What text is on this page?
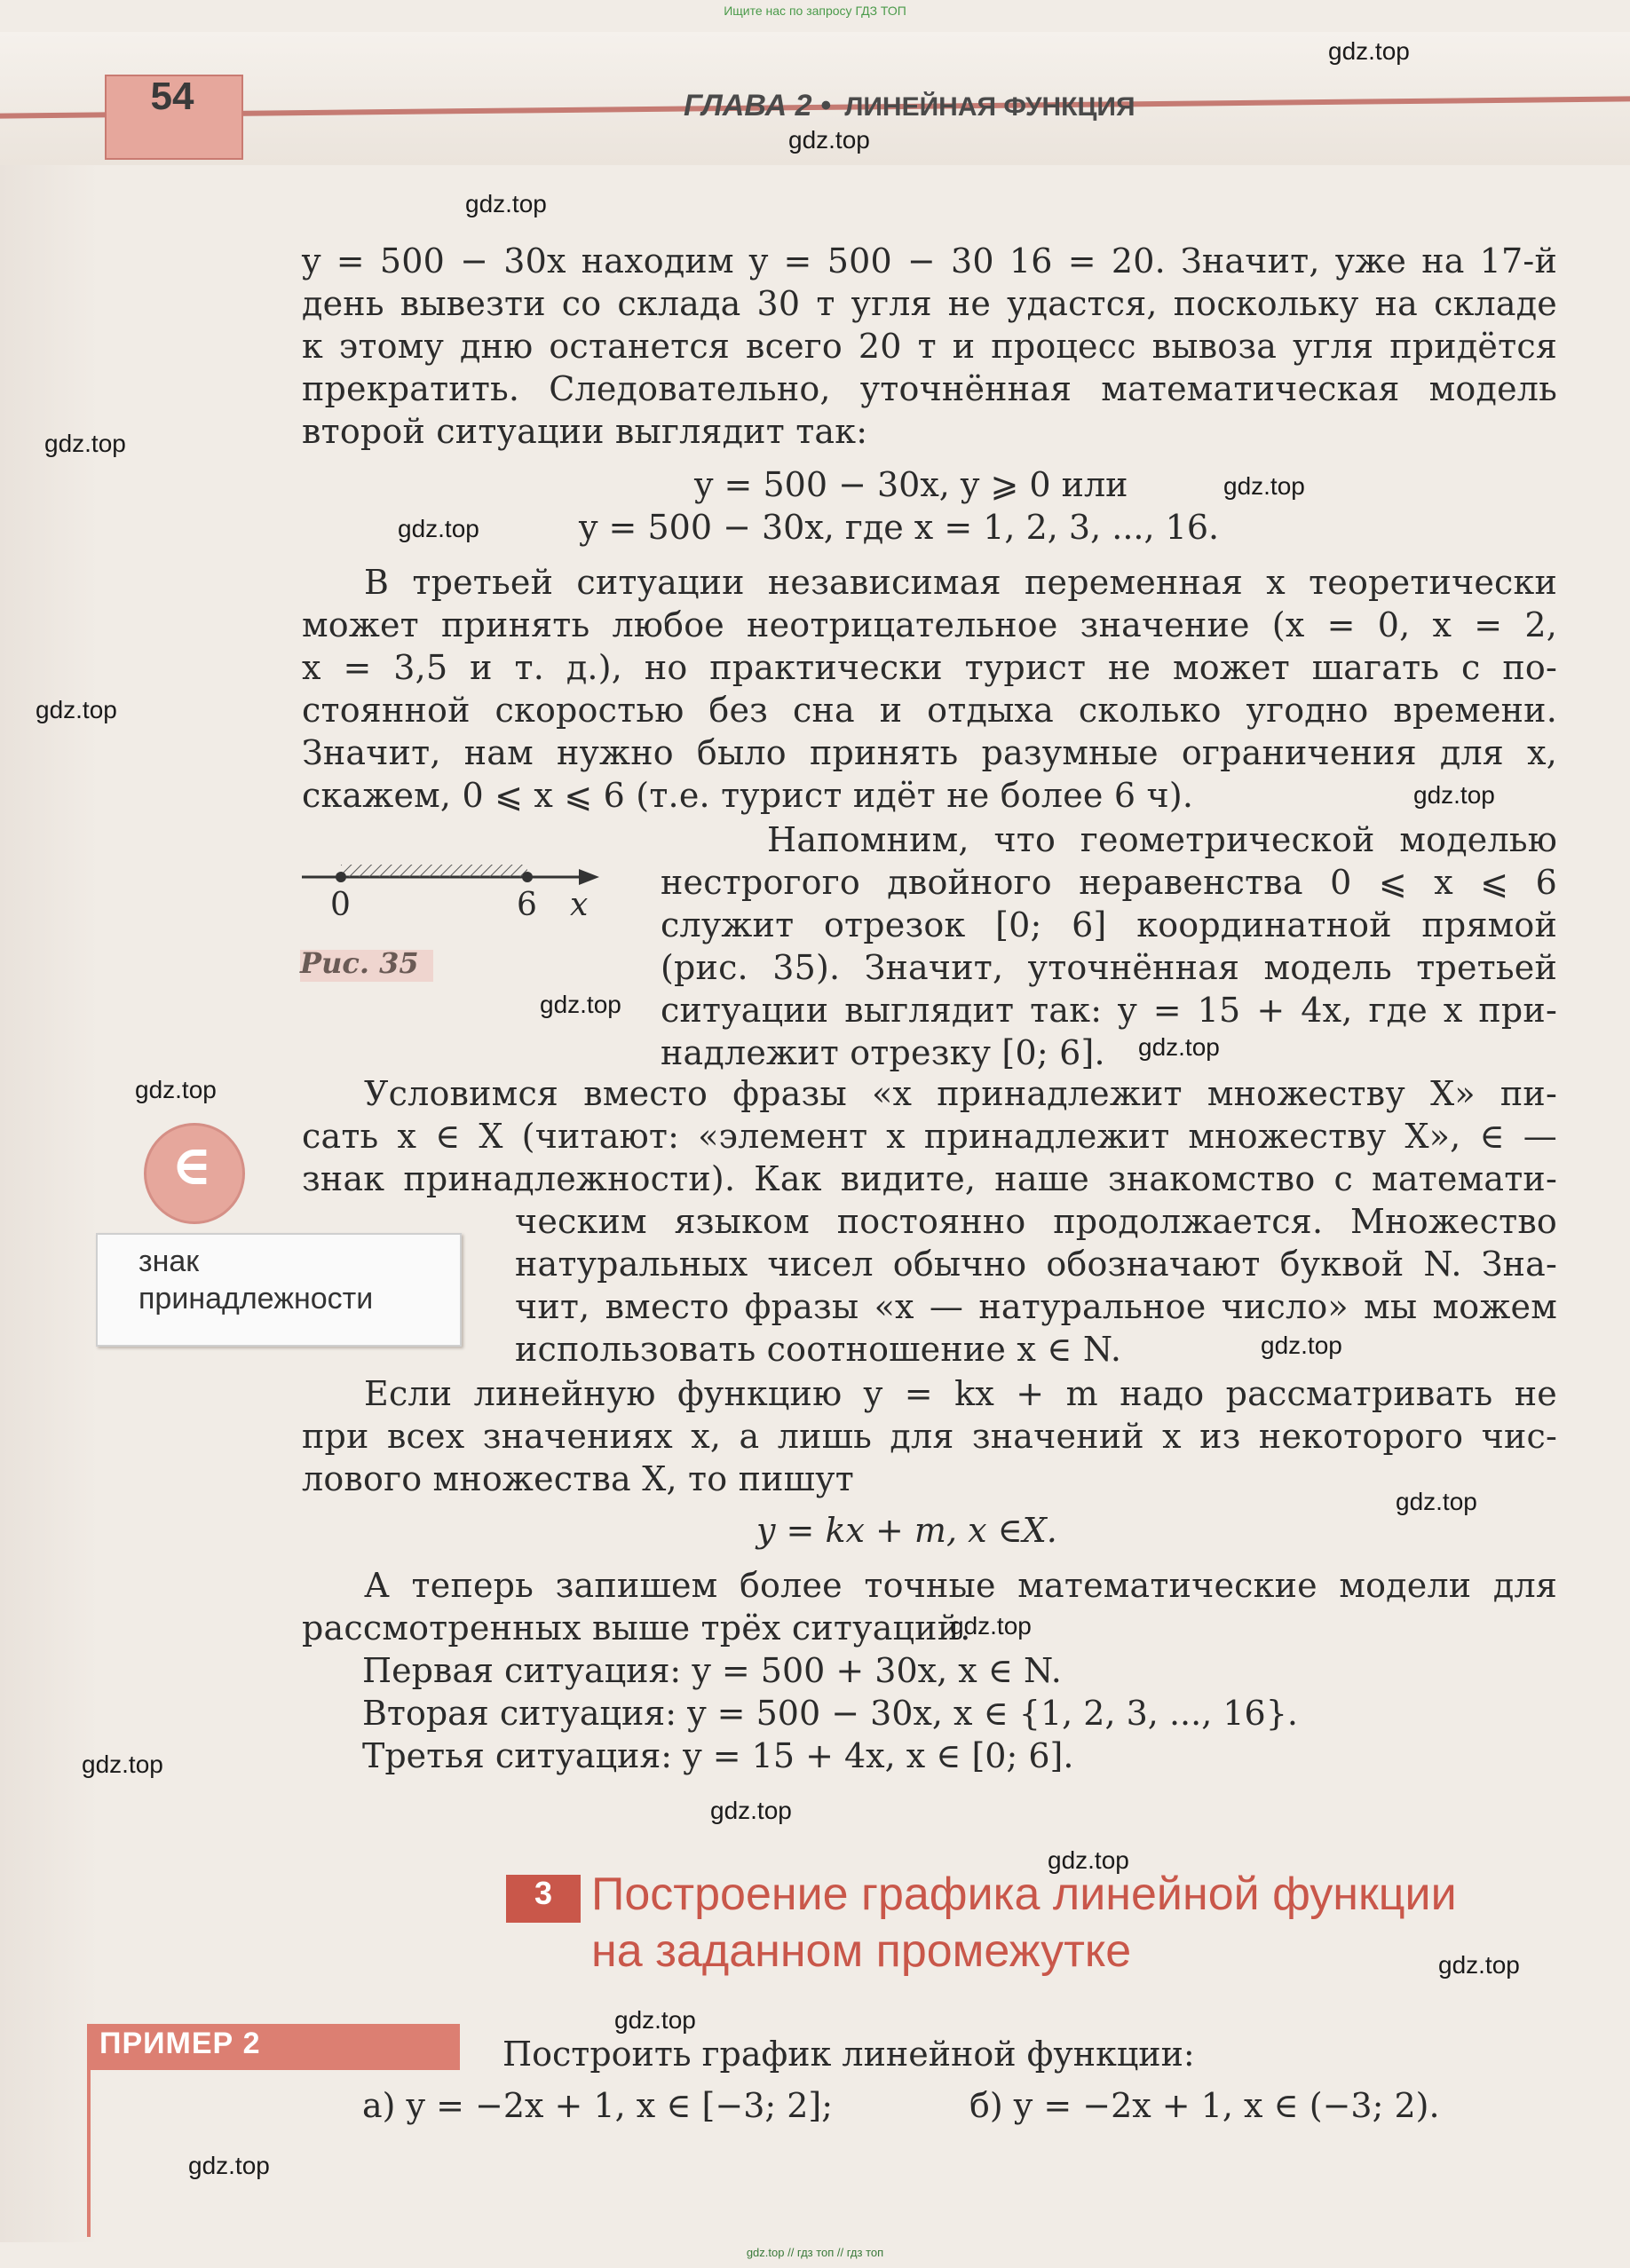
Ищите нас по запросу ГДЗ ТОП
54	ГЛАВА 2 • ЛИНЕЙНАЯ ФУНКЦИЯ
y = 500 − 30x находим y = 500 − 30 16 = 20. Значит, уже на 17-й
день вывезти со склада 30 т угля не удастся, поскольку на складе
к этому дню останется всего 20 т и процесс вывоза угля придётся
прекратить. Следовательно, уточнённая математическая модель
второй ситуации выглядит так:
y = 500 − 30x, y ⩾ 0 или
y = 500 − 30x, где x = 1, 2, 3, ..., 16.
В третьей ситуации независимая переменная x теоретически
может принять любое неотрицательное значение (x = 0, x = 2,
x = 3,5 и т. д.), но практически турист не может шагать с по-
стоянной скоростью без сна и отдыха сколько угодно времени.
Значит, нам нужно было принять разумные ограничения для x,
скажем, 0 ⩽ x ⩽ 6 (т.е. турист идёт не более 6 ч).
0	6 x
Рис. 35
Напомним, что геометрической моделью
нестрогого двойного неравенства 0 ⩽ x ⩽ 6
служит отрезок [0; 6] координатной прямой
(рис. 35). Значит, уточнённая модель третьей
ситуации выглядит так: y = 15 + 4x, где x при-
надлежит отрезку [0; 6].
∈
знак
принадлежности
Условимся вместо фразы «x принадлежит множеству X» пи-
сать x ∈ X (читают: «элемент x принадлежит множеству X», ∈ —
знак принадлежности). Как видите, наше знакомство с математи-
ческим языком постоянно продолжается. Множество
натуральных чисел обычно обозначают буквой N. Зна-
чит, вместо фразы «x — натуральное число» мы можем
использовать соотношение x ∈ N.
Если линейную функцию y = kx + m надо рассматривать не
при всех значениях x, а лишь для значений x из некоторого чис-
лового множества X, то пишут
y = kx + m, x ∈X.
А теперь запишем более точные математические модели для
рассмотренных выше трёх ситуаций.
Первая ситуация: y = 500 + 30x, x ∈ N.
Вторая ситуация: y = 500 − 30x, x ∈ {1, 2, 3, ..., 16}.
Третья ситуация: y = 15 + 4x, x ∈ [0; 6].
3 Построение графика линейной функции
на заданном промежутке
ПРИМЕР 2	Построить график линейной функции:
а) y = −2x + 1, x ∈ [−3; 2];	б) y = −2x + 1, x ∈ (−3; 2).
gdz.top
gdz.top
gdz.top
gdz.top
gdz.top
gdz.top
gdz.top
gdz.top
gdz.top
gdz.top
gdz.top
gdz.top
gdz.top
gdz.top
gdz.top
gdz.top
gdz.top
gdz.top
gdz.top
gdz.top
gdz.top // гдз топ // гдз топ
